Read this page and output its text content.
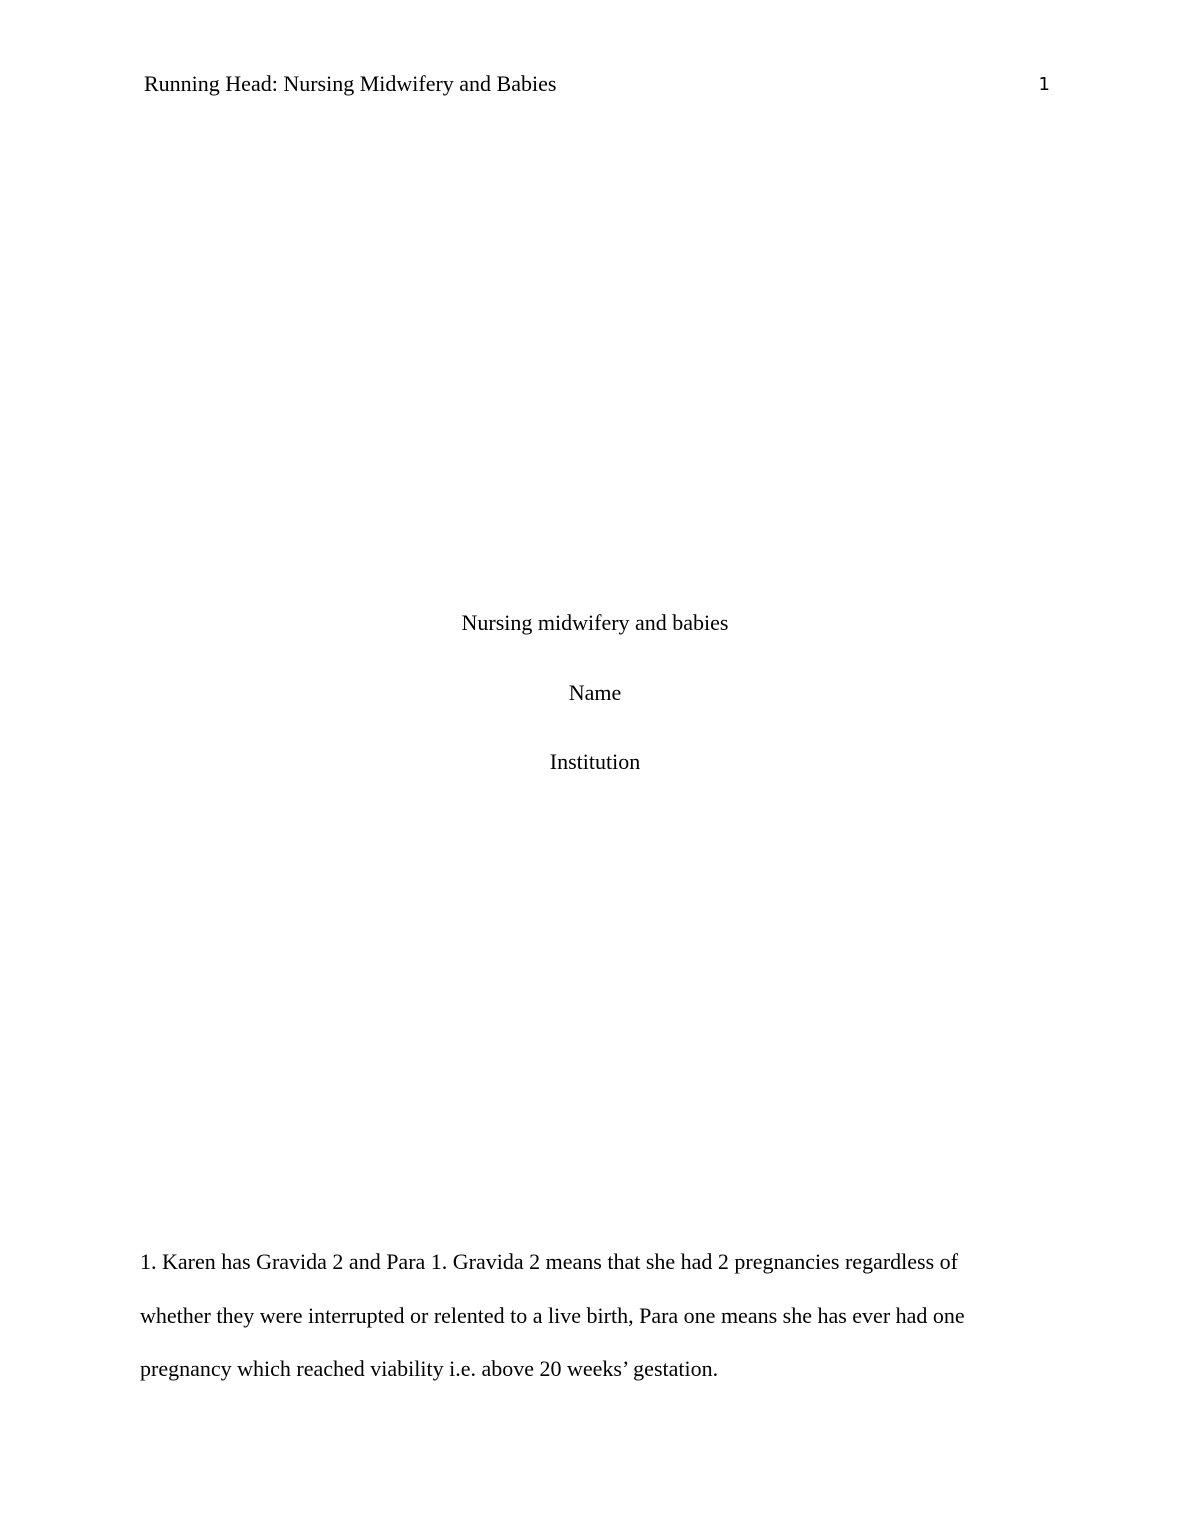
Running Head: Nursing Midwifery and Babies	1
Nursing midwifery and babies
Name
Institution
1. Karen has Gravida 2 and Para 1. Gravida 2 means that she had 2 pregnancies regardless of
whether they were interrupted or relented to a live birth, Para one means she has ever had one
pregnancy which reached viability i.e. above 20 weeks’ gestation.
